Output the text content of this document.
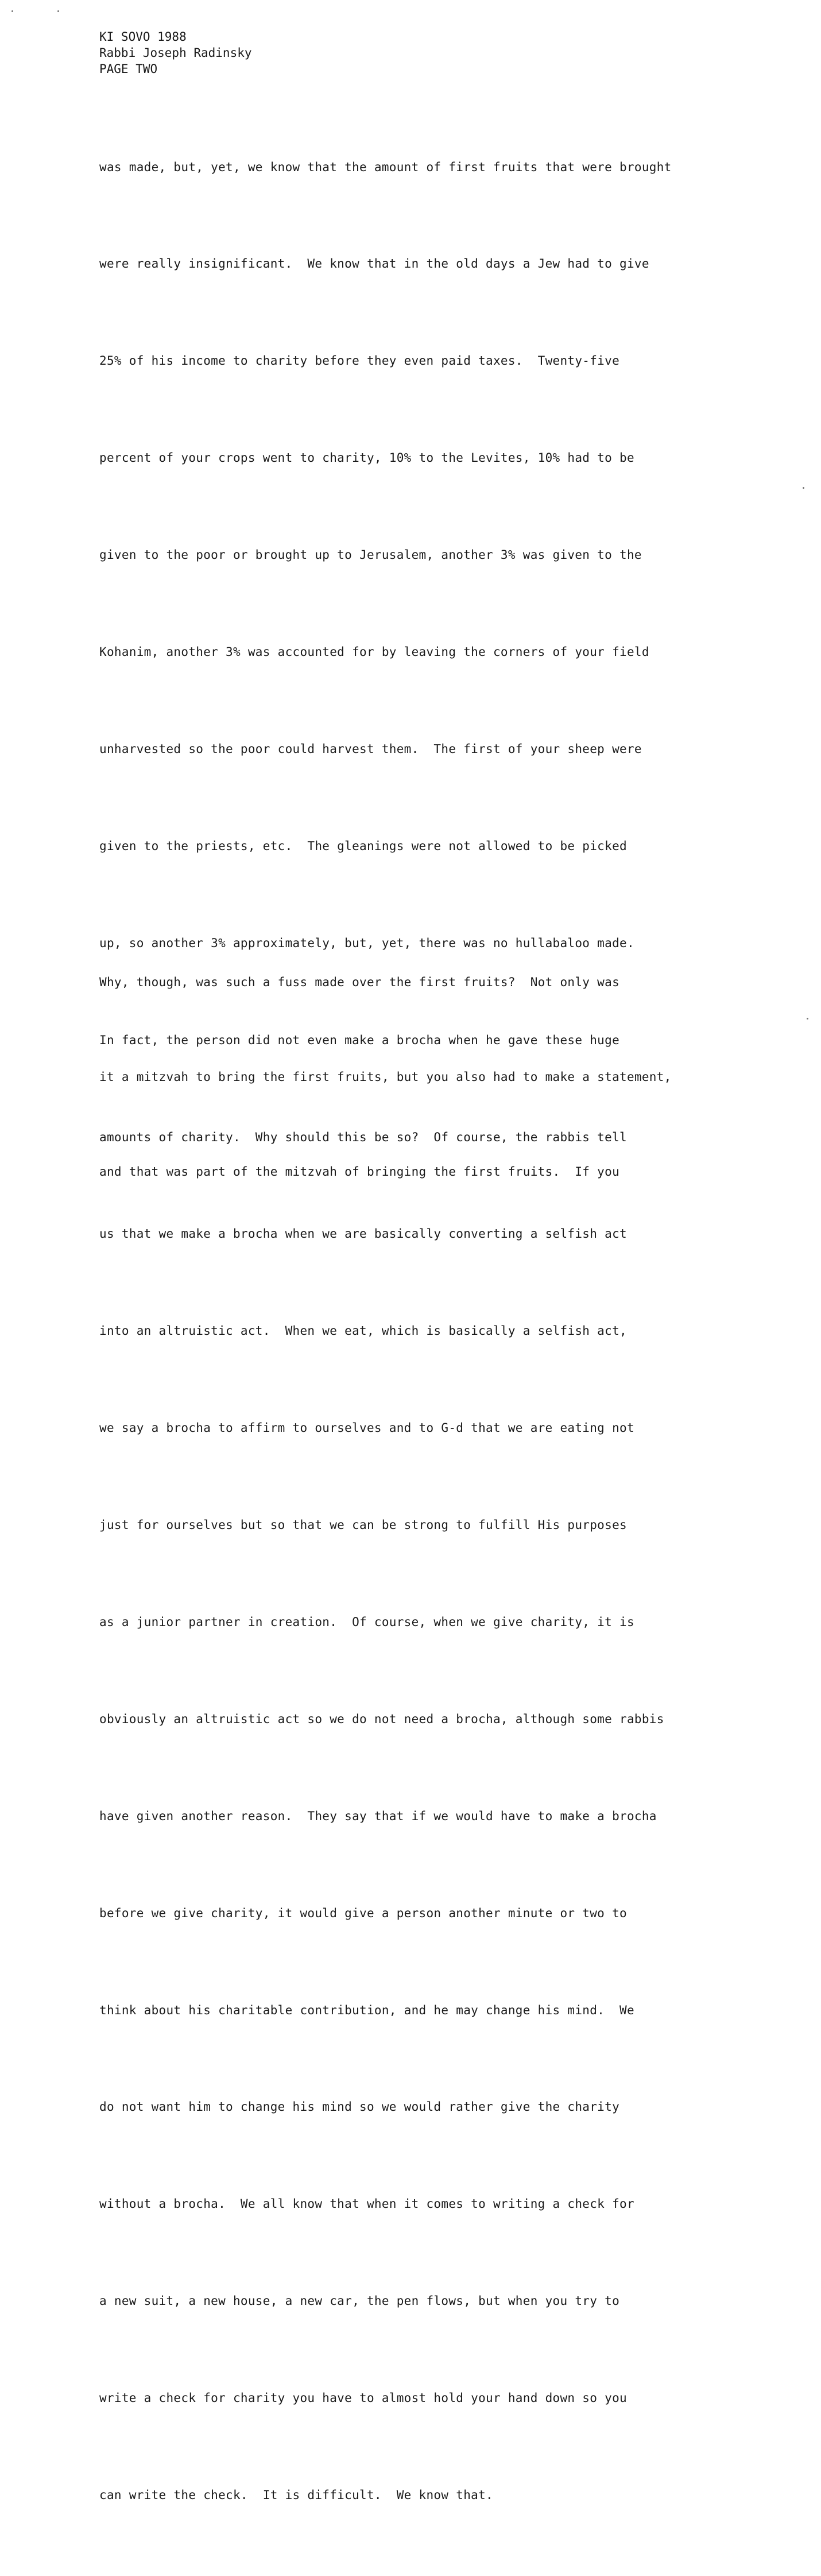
KI SOVO 1988
Rabbi Joseph Radinsky
PAGE TWO

was made, but, yet, we know that the amount of first fruits that were brought

were really insignificant.  We know that in the old days a Jew had to give

25% of his income to charity before they even paid taxes.  Twenty-five

percent of your crops went to charity, 10% to the Levites, 10% had to be

given to the poor or brought up to Jerusalem, another 3% was given to the

Kohanim, another 3% was accounted for by leaving the corners of your field

unharvested so the poor could harvest them.  The first of your sheep were

given to the priests, etc.  The gleanings were not allowed to be picked

up, so another 3% approximately, but, yet, there was no hullabaloo made.

In fact, the person did not even make a brocha when he gave these huge

amounts of charity.  Why should this be so?  Of course, the rabbis tell

us that we make a brocha when we are basically converting a selfish act

into an altruistic act.  When we eat, which is basically a selfish act,

we say a brocha to affirm to ourselves and to G-d that we are eating not

just for ourselves but so that we can be strong to fulfill His purposes

as a junior partner in creation.  Of course, when we give charity, it is

obviously an altruistic act so we do not need a brocha, although some rabbis

have given another reason.  They say that if we would have to make a brocha

before we give charity, it would give a person another minute or two to

think about his charitable contribution, and he may change his mind.  We

do not want him to change his mind so we would rather give the charity

without a brocha.  We all know that when it comes to writing a check for

a new suit, a new house, a new car, the pen flows, but when you try to

write a check for charity you have to almost hold your hand down so you

can write the check.  It is difficult.  We know that.

Why, though, was such a fuss made over the first fruits?  Not only was

it a mitzvah to bring the first fruits, but you also had to make a statement,

and that was part of the mitzvah of bringing the first fruits.  If you
